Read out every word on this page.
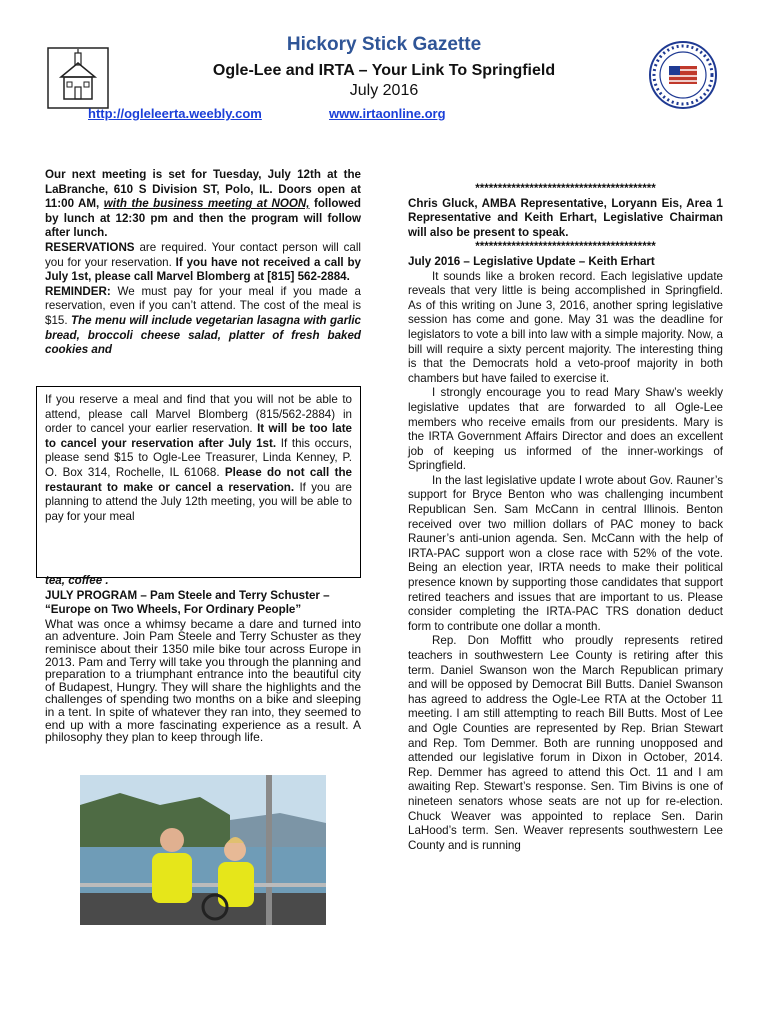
Hickory Stick Gazette
Ogle-Lee and IRTA – Your Link To Springfield
July 2016
http://ogleleerta.weebly.com	www.irtaonline.org

Our next meeting is set for Tuesday, July 12th at the LaBranche, 610 S Division ST, Polo, IL. Doors open at 11:00 AM, with the business meeting at NOON, followed by lunch at 12:30 pm and then the program will follow after lunch.

RESERVATIONS are required. Your contact person will call you for your reservation. If you have not received a call by July 1st, please call Marvel Blomberg at [815] 562-2884.

REMINDER: We must pay for your meal if you made a reservation, even if you can’t attend. The cost of the meal is $15. The menu will include vegetarian lasagna with garlic bread, broccoli cheese salad, platter of fresh baked cookies and

If you reserve a meal and find that you will not be able to attend, please call Marvel Blomberg (815/562-2884) in order to cancel your earlier reservation. It will be too late to cancel your reservation after July 1st. If this occurs, please send $15 to Ogle-Lee Treasurer, Linda Kenney, P. O. Box 314, Rochelle, IL 61068. Please do not call the restaurant to make or cancel a reservation. If you are planning to attend the July 12th meeting, you will be able to pay for your meal

tea, coffee .

JULY PROGRAM – Pam Steele and Terry Schuster – “Europe on Two Wheels, For Ordinary People”

What was once a whimsy became a dare and turned into an adventure. Join Pam Steele and Terry Schuster as they reminisce about their 1350 mile bike tour across Europe in 2013. Pam and Terry will take you through the planning and preparation to a triumphant entrance into the beautiful city of Budapest, Hungry. They will share the highlights and the challenges of spending two months on a bike and sleeping in a tent. In spite of whatever they ran into, they seemed to end up with a more fascinating experience as a result. A philosophy they plan to keep through life.

****************************************

Chris Gluck, AMBA Representative, Loryann Eis, Area 1 Representative and Keith Erhart, Legislative Chairman will also be present to speak.

****************************************

July 2016 – Legislative Update – Keith Erhart

It sounds like a broken record. Each legislative update reveals that very little is being accomplished in Springfield. As of this writing on June 3, 2016, another spring legislative session has come and gone. May 31 was the deadline for legislators to vote a bill into law with a simple majority. Now, a bill will require a sixty percent majority. The interesting thing is that the Democrats hold a veto-proof majority in both chambers but have failed to exercise it.

I strongly encourage you to read Mary Shaw’s weekly legislative updates that are forwarded to all Ogle-Lee members who receive emails from our presidents. Mary is the IRTA Government Affairs Director and does an excellent job of keeping us informed of the inner-workings of Springfield.

In the last legislative update I wrote about Gov. Rauner’s support for Bryce Benton who was challenging incumbent Republican Sen. Sam McCann in central Illinois. Benton received over two million dollars of PAC money to back Rauner’s anti-union agenda. Sen. McCann with the help of IRTA-PAC support won a close race with 52% of the vote. Being an election year, IRTA needs to make their political presence known by supporting those candidates that support retired teachers and issues that are important to us. Please consider completing the IRTA-PAC TRS donation deduct form to contribute one dollar a month.

Rep. Don Moffitt who proudly represents retired teachers in southwestern Lee County is retiring after this term. Daniel Swanson won the March Republican primary and will be opposed by Democrat Bill Butts. Daniel Swanson has agreed to address the Ogle-Lee RTA at the October 11 meeting. I am still attempting to reach Bill Butts. Most of Lee and Ogle Counties are represented by Rep. Brian Stewart and Rep. Tom Demmer. Both are running unopposed and attended our legislative forum in Dixon in October, 2014. Rep. Demmer has agreed to attend this Oct. 11 and I am awaiting Rep. Stewart’s response. Sen. Tim Bivins is one of nineteen senators whose seats are not up for re-election. Chuck Weaver was appointed to replace Sen. Darin LaHood’s term. Sen. Weaver represents southwestern Lee County and is running
